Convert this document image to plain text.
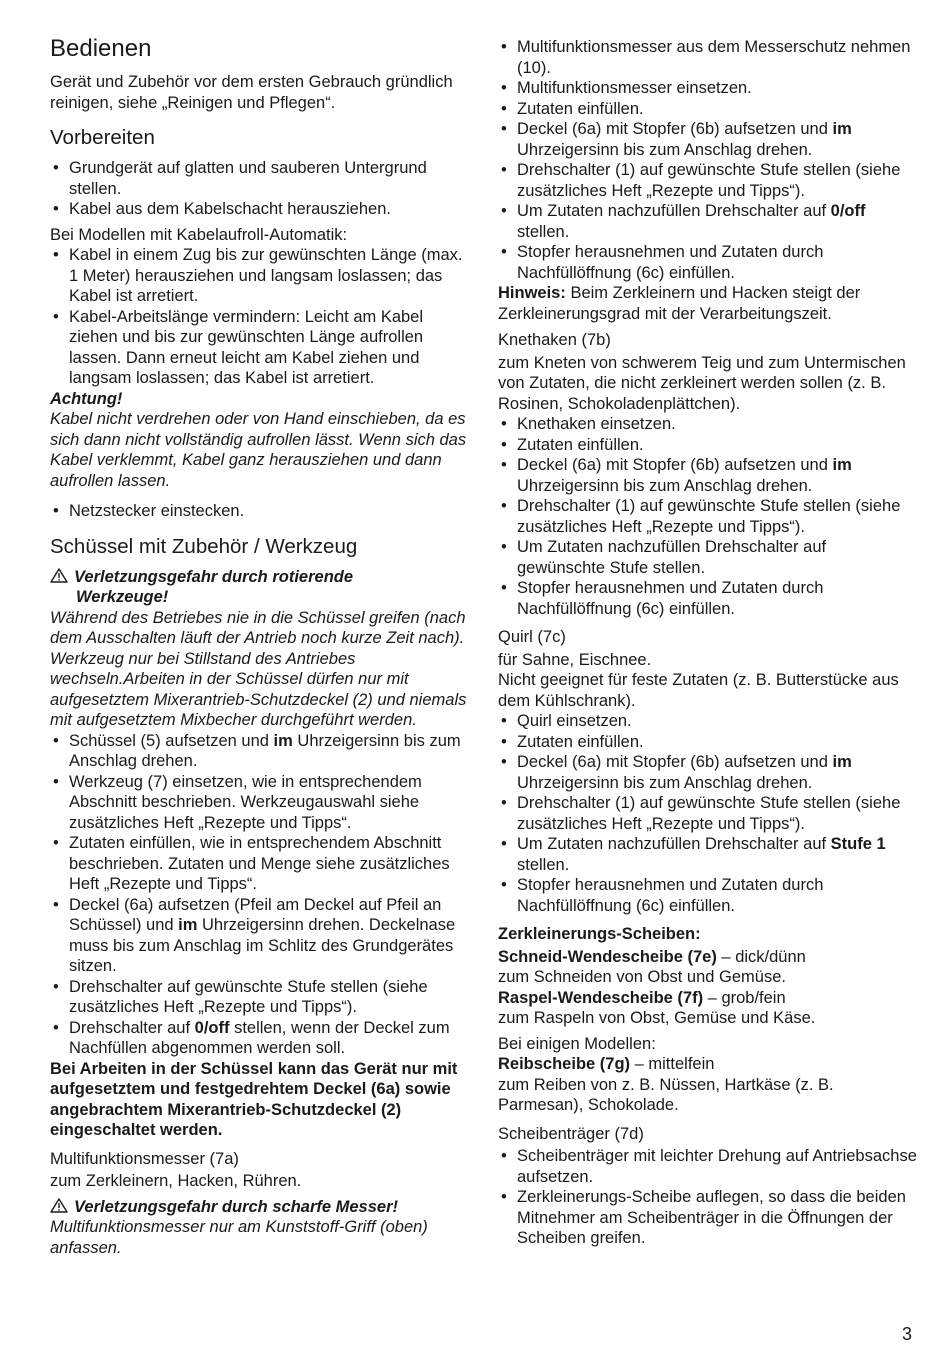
Bedienen

Gerät und Zubehör vor dem ersten Gebrauch gründlich reinigen, siehe „Reinigen und Pflegen“.

Vorbereiten
• Grundgerät auf glatten und sauberen Untergrund stellen.
• Kabel aus dem Kabelschacht herausziehen.

Bei Modellen mit Kabelaufroll-Automatik:

• Kabel in einem Zug bis zur gewünschten Länge (max. 1 Meter) herausziehen und langsam loslassen; das Kabel ist arretiert.
• Kabel-Arbeitslänge vermindern: Leicht am Kabel ziehen und bis zur gewünschten Länge aufrollen lassen. Dann erneut leicht am Kabel ziehen und langsam loslassen; das Kabel ist arretiert.

Achtung!

Kabel nicht verdrehen oder von Hand einschieben, da es sich dann nicht vollständig aufrollen lässt. Wenn sich das Kabel verklemmt, Kabel ganz herausziehen und dann aufrollen lassen.

• Netzstecker einstecken.
Schüssel mit Zubehör / Werkzeug
Verletzungsgefahr durch rotierende
Werkzeuge!

Während des Betriebes nie in die Schüssel greifen (nach dem Ausschalten läuft der Antrieb noch kurze Zeit nach). Werkzeug nur bei Stillstand des Antriebes wechseln.Arbeiten in der Schüssel dürfen nur mit aufgesetztem Mixerantrieb-Schutzdeckel (2) und niemals mit aufgesetztem Mixbecher durchgeführt werden.

• Schüssel (5) aufsetzen und im Uhrzeigersinn bis zum Anschlag drehen.
• Werkzeug (7) einsetzen, wie in entsprechendem Abschnitt beschrieben. Werkzeugauswahl siehe zusätzliches Heft „Rezepte und Tipps“.
• Zutaten einfüllen, wie in entsprechendem Abschnitt beschrieben. Zutaten und Menge siehe zusätzliches Heft „Rezepte und Tipps“.
• Deckel (6a) aufsetzen (Pfeil am Deckel auf Pfeil an Schüssel) und im Uhrzeigersinn drehen. Deckelnase muss bis zum Anschlag im Schlitz des Grundgerätes sitzen.
• Drehschalter auf gewünschte Stufe stellen (siehe zusätzliches Heft „Rezepte und Tipps“).
• Drehschalter auf 0/off stellen, wenn der Deckel zum Nachfüllen abgenommen werden soll.

Bei Arbeiten in der Schüssel kann das Gerät nur mit aufgesetztem und festgedrehtem Deckel (6a) sowie angebrachtem Mixerantrieb-Schutzdeckel (2) eingeschaltet werden.

Multifunktionsmesser (7a)

zum Zerkleinern, Hacken, Rühren.

Verletzungsgefahr durch scharfe Messer!

Multifunktionsmesser nur am Kunststoff-Griff (oben) anfassen.

• Multifunktionsmesser aus dem Messerschutz nehmen (10).
• Multifunktionsmesser einsetzen.
• Zutaten einfüllen.
• Deckel (6a) mit Stopfer (6b) aufsetzen und im Uhrzeigersinn bis zum Anschlag drehen.
• Drehschalter (1) auf gewünschte Stufe stellen (siehe zusätzliches Heft „Rezepte und Tipps“).
• Um Zutaten nachzufüllen Drehschalter auf 0/off stellen.
• Stopfer herausnehmen und Zutaten durch Nachfüllöffnung (6c) einfüllen.

Hinweis: Beim Zerkleinern und Hacken steigt der Zerkleinerungsgrad mit der Verarbeitungszeit.

Knethaken (7b)

zum Kneten von schwerem Teig und zum Untermischen von Zutaten, die nicht zerkleinert werden sollen (z. B. Rosinen, Schokoladenplättchen).

• Knethaken einsetzen.
• Zutaten einfüllen.
• Deckel (6a) mit Stopfer (6b) aufsetzen und im Uhrzeigersinn bis zum Anschlag drehen.
• Drehschalter (1) auf gewünschte Stufe stellen (siehe zusätzliches Heft „Rezepte und Tipps“).
• Um Zutaten nachzufüllen Drehschalter auf gewünschte Stufe stellen.
• Stopfer herausnehmen und Zutaten durch Nachfüllöffnung (6c) einfüllen.
Quirl (7c)

für Sahne, Eischnee.

Nicht geeignet für feste Zutaten (z. B. Butterstücke aus dem Kühlschrank).

• Quirl einsetzen.
• Zutaten einfüllen.
• Deckel (6a) mit Stopfer (6b) aufsetzen und im Uhrzeigersinn bis zum Anschlag drehen.
• Drehschalter (1) auf gewünschte Stufe stellen (siehe zusätzliches Heft „Rezepte und Tipps“).
• Um Zutaten nachzufüllen Drehschalter auf Stufe 1 stellen.
• Stopfer herausnehmen und Zutaten durch Nachfüllöffnung (6c) einfüllen.
Zerkleinerungs-Scheiben:

Schneid-Wendescheibe (7e) – dick/dünn

zum Schneiden von Obst und Gemüse.

Raspel-Wendescheibe (7f) – grob/fein

zum Raspeln von Obst, Gemüse und Käse.

Bei einigen Modellen:

Reibscheibe (7g) – mittelfein

zum Reiben von z. B. Nüssen, Hartkäse (z. B. Parmesan), Schokolade.

Scheibenträger (7d)
• Scheibenträger mit leichter Drehung auf Antriebsachse aufsetzen.
• Zerkleinerungs-Scheibe auflegen, so dass die beiden Mitnehmer am Scheibenträger in die Öffnungen der Scheiben greifen.
3
